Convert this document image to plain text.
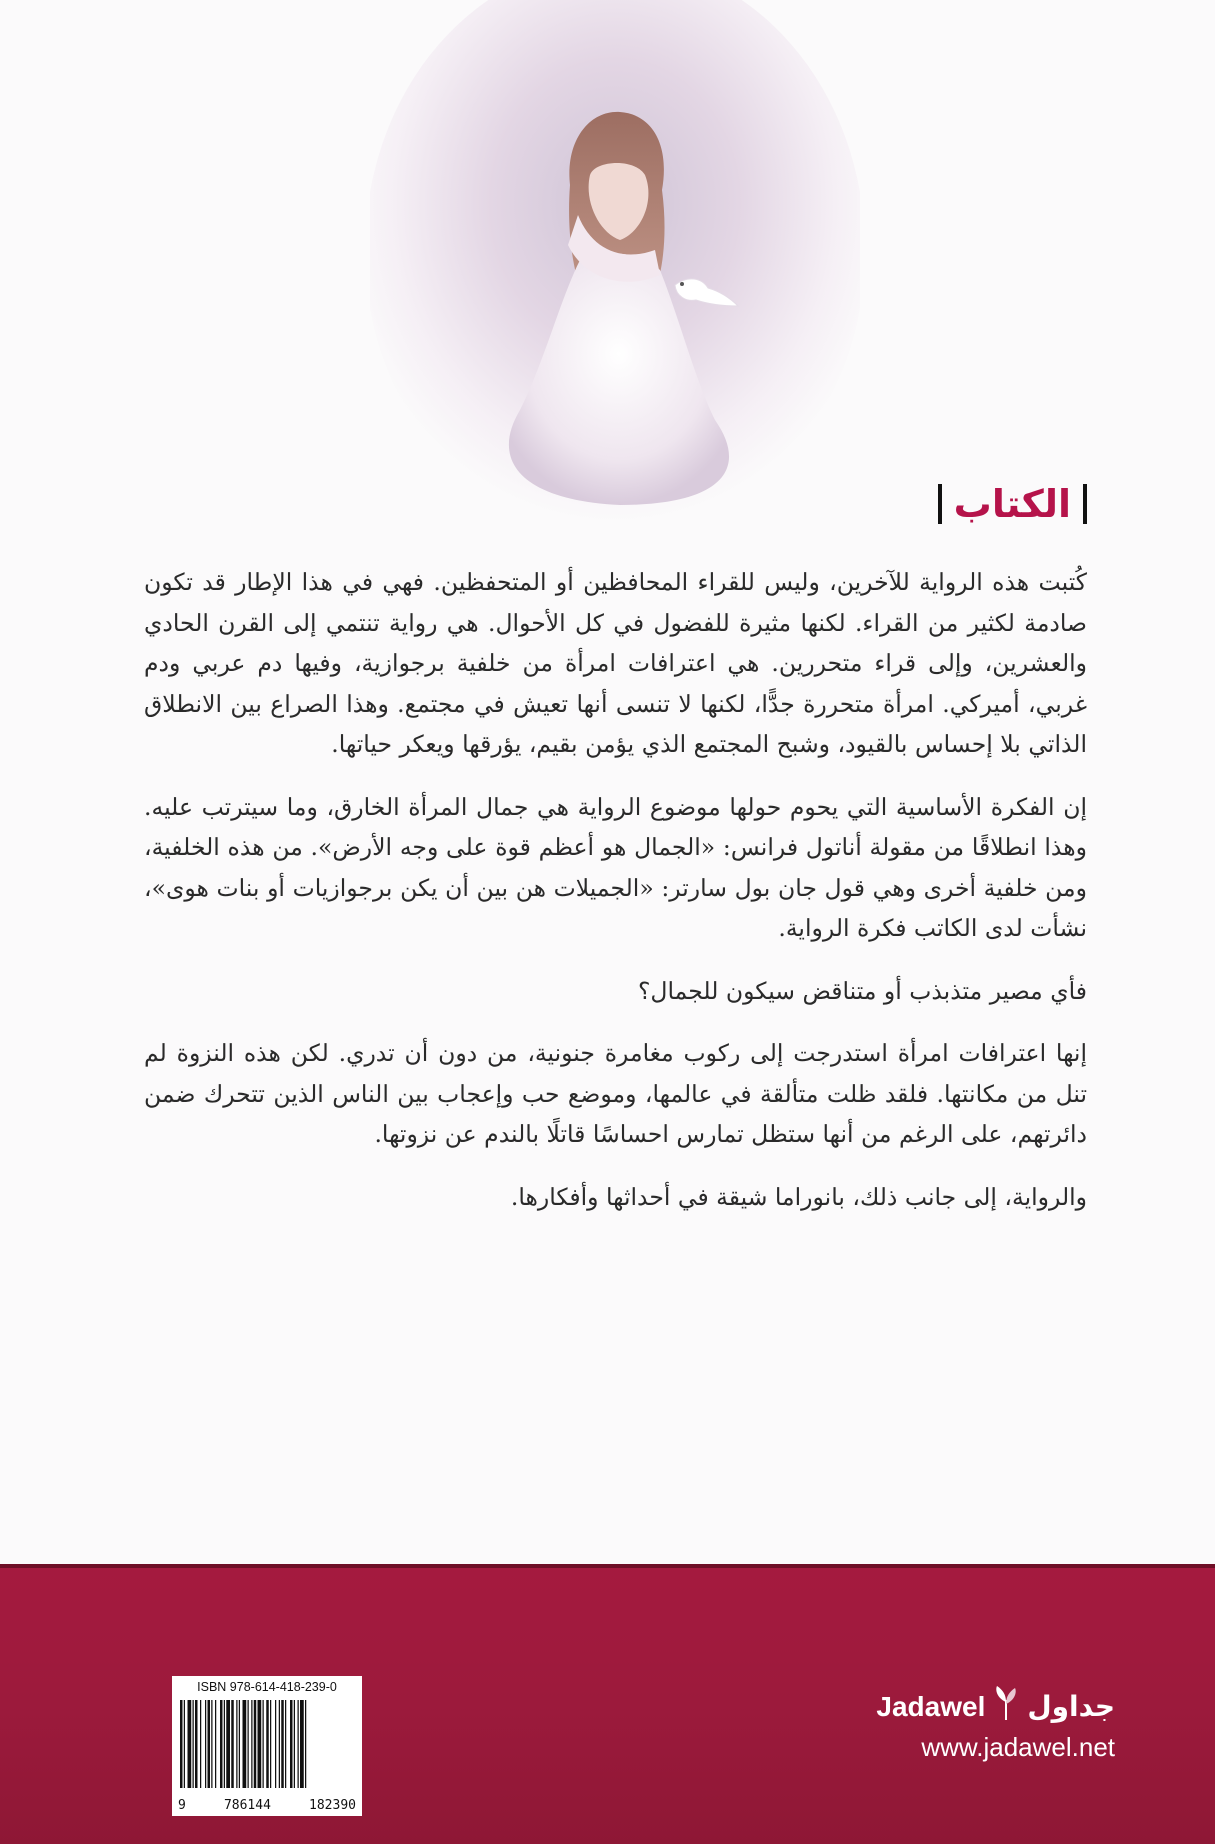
الكتاب

كُتبت هذه الرواية للآخرين، وليس للقراء المحافظين أو المتحفظين. فهي في هذا الإطار قد تكون صادمة لكثير من القراء. لكنها مثيرة للفضول في كل الأحوال. هي رواية تنتمي إلى القرن الحادي والعشرين، وإلى قراء متحررين. هي اعترافات امرأة من خلفية برجوازية، وفيها دم عربي ودم غربي، أميركي. امرأة متحررة جدًّا، لكنها لا تنسى أنها تعيش في مجتمع. وهذا الصراع بين الانطلاق الذاتي بلا إحساس بالقيود، وشبح المجتمع الذي يؤمن بقيم، يؤرقها ويعكر حياتها.

إن الفكرة الأساسية التي يحوم حولها موضوع الرواية هي جمال المرأة الخارق، وما سيترتب عليه. وهذا انطلاقًا من مقولة أناتول فرانس: «الجمال هو أعظم قوة على وجه الأرض». من هذه الخلفية، ومن خلفية أخرى وهي قول جان بول سارتر: «الجميلات هن بين أن يكن برجوازيات أو بنات هوى»، نشأت لدى الكاتب فكرة الرواية.

فأي مصير متذبذب أو متناقض سيكون للجمال؟

إنها اعترافات امرأة استدرجت إلى ركوب مغامرة جنونية، من دون أن تدري. لكن هذه النزوة لم تنل من مكانتها. فلقد ظلت متألقة في عالمها، وموضع حب وإعجاب بين الناس الذين تتحرك ضمن دائرتهم، على الرغم من أنها ستظل تمارس احساسًا قاتلًا بالندم عن نزوتها.

والرواية، إلى جانب ذلك، بانوراما شيقة في أحداثها وأفكارها.

ISBN 978-614-418-239-0
9	786144	182390
Jadawel جداول
www.jadawel.net
